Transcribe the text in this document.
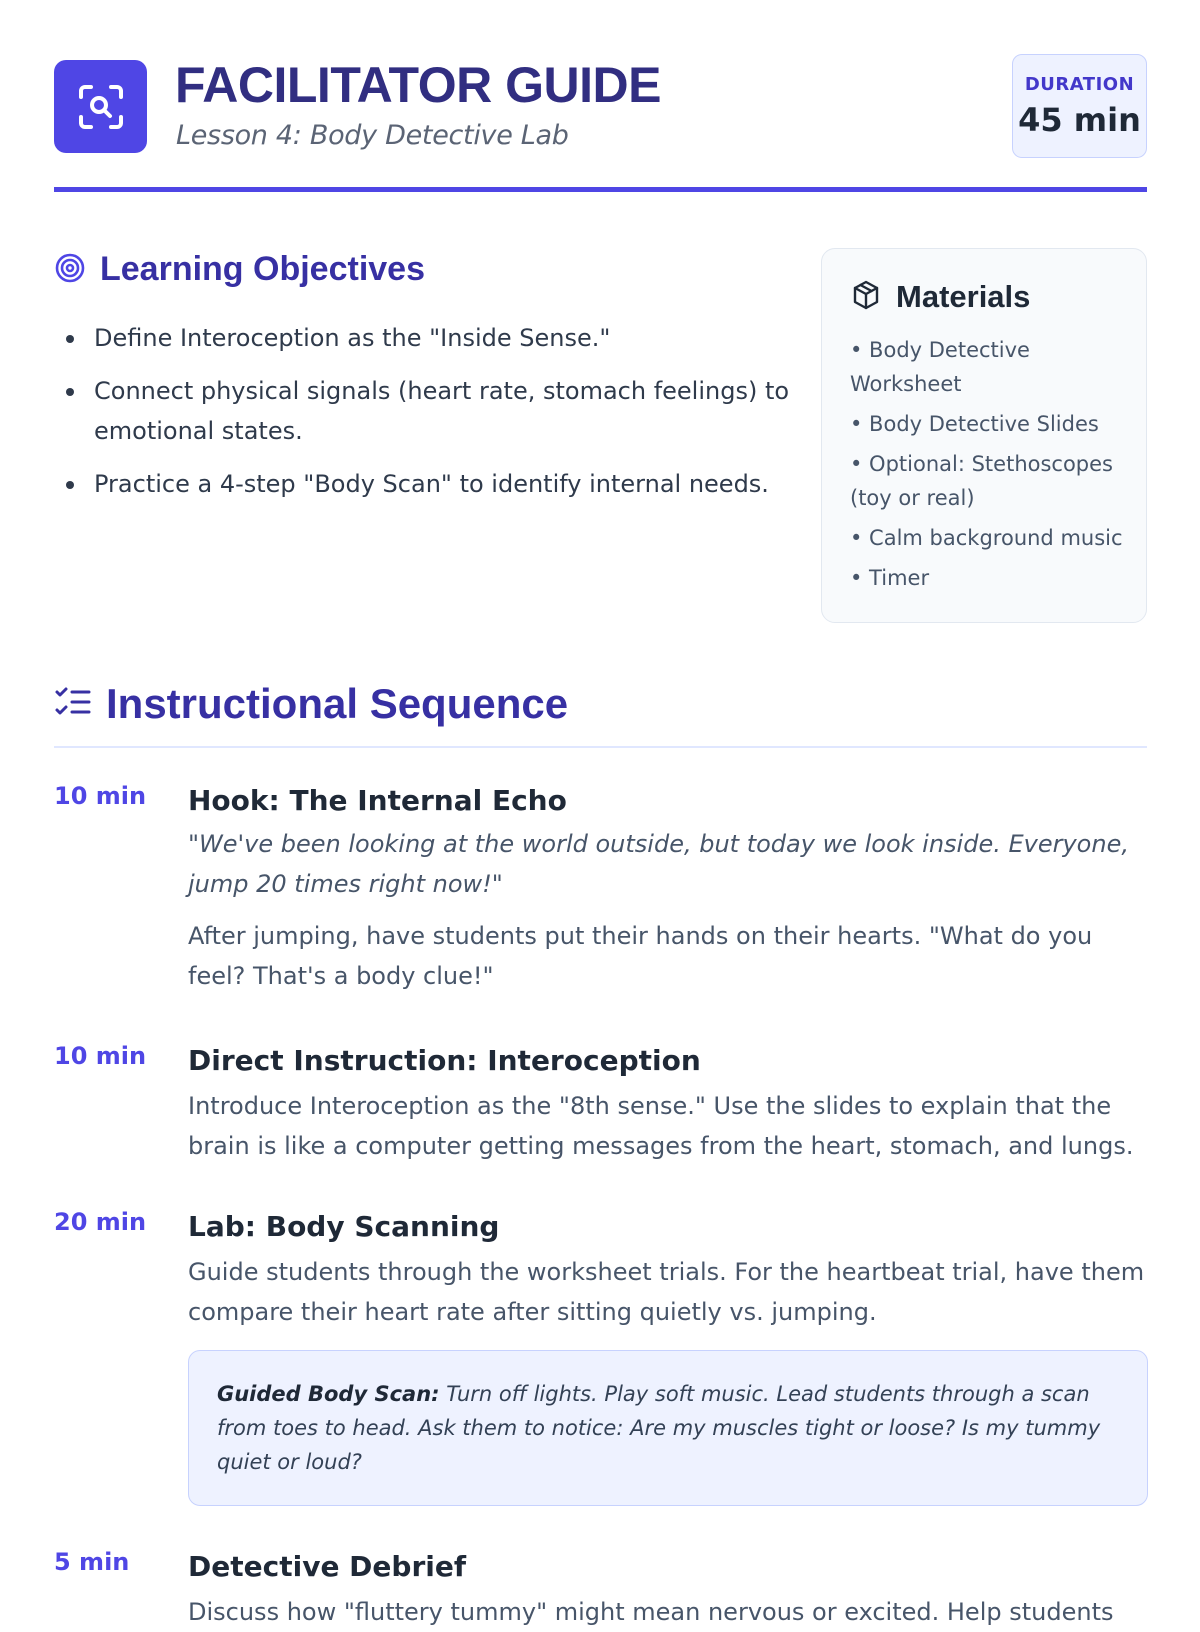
FACILITATOR GUIDE
Lesson 4: Body Detective Lab
DURATION
45 min
Learning Objectives
Define Interoception as the "Inside Sense."
Connect physical signals (heart rate, stomach feelings) to emotional states.
Practice a 4-step "Body Scan" to identify internal needs.
Materials
• Body Detective Worksheet
• Body Detective Slides
• Optional: Stethoscopes (toy or real)
• Calm background music
• Timer
Instructional Sequence
10 min Hook: The Internal Echo

"We've been looking at the world outside, but today we look inside. Everyone, jump 20 times right now!"

After jumping, have students put their hands on their hearts. "What do you feel? That's a body clue!"

10 min Direct Instruction: Interoception

Introduce Interoception as the "8th sense." Use the slides to explain that the brain is like a computer getting messages from the heart, stomach, and lungs.

20 min Lab: Body Scanning

Guide students through the worksheet trials. For the heartbeat trial, have them compare their heart rate after sitting quietly vs. jumping.

Guided Body Scan: Turn off lights. Play soft music. Lead students through a scan from toes to head. Ask them to notice: Are my muscles tight or loose? Is my tummy quiet or loud?
5 min Detective Debrief

Discuss how "fluttery tummy" might mean nervous or excited. Help students
